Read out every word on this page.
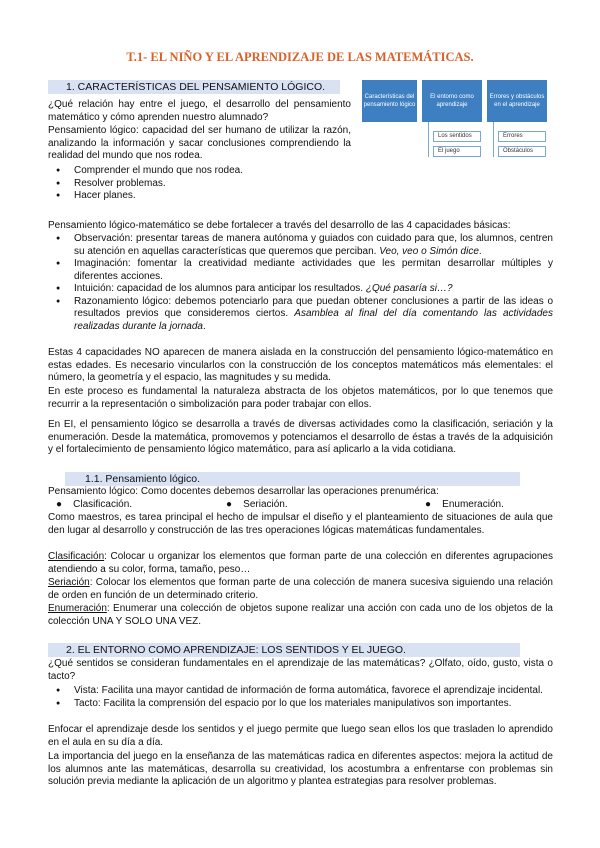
T.1- EL NIÑO Y EL APRENDIZAJE DE LAS MATEMÁTICAS.
Características del pensamiento lógico
El entorno como aprendizaje
Errores y obstáculos en el aprendizaje
Los sentidos
El juego
Errores
Obstáculos
1. CARACTERÍSTICAS DEL PENSAMIENTO LÓGICO.
¿Qué relación hay entre el juego, el desarrollo del pensamiento matemático y cómo aprenden nuestro alumnado?
Pensamiento lógico: capacidad del ser humano de utilizar la razón, analizando la información y sacar conclusiones comprendiendo la realidad del mundo que nos rodea.
● Comprender el mundo que nos rodea.
● Resolver problemas.
● Hacer planes.
Pensamiento lógico-matemático se debe fortalecer a través del desarrollo de las 4 capacidades básicas:
● Observación: presentar tareas de manera autónoma y guiados con cuidado para que, los alumnos, centren su atención en aquellas características que queremos que perciban. Veo, veo o Simón dice.
● Imaginación: fomentar la creatividad mediante actividades que les permitan desarrollar múltiples y diferentes acciones.
● Intuición: capacidad de los alumnos para anticipar los resultados. ¿Qué pasaría si…?
● Razonamiento lógico: debemos potenciarlo para que puedan obtener conclusiones a partir de las ideas o resultados previos que consideremos ciertos. Asamblea al final del día comentando las actividades realizadas durante la jornada.
Estas 4 capacidades NO aparecen de manera aislada en la construcción del pensamiento lógico-matemático en estas edades. Es necesario vincularlos con la construcción de los conceptos matemáticos más elementales: el número, la geometría y el espacio, las magnitudes y su medida.
En este proceso es fundamental la naturaleza abstracta de los objetos matemáticos, por lo que tenemos que recurrir a la representación o simbolización para poder trabajar con ellos.
En EI, el pensamiento lógico se desarrolla a través de diversas actividades como la clasificación, seriación y la enumeración. Desde la matemática, promovemos y potenciamos el desarrollo de éstas a través de la adquisición y el fortalecimiento de pensamiento lógico matemático, para así aplicarlo a la vida cotidiana.
1.1. Pensamiento lógico.
Pensamiento lógico: Como docentes debemos desarrollar las operaciones prenumérica:
●    Clasificación.	●    Seriación.	●    Enumeración.
Como maestros, es tarea principal el hecho de impulsar el diseño y el planteamiento de situaciones de aula que den lugar al desarrollo y construcción de las tres operaciones lógicas matemáticas fundamentales.
Clasificación: Colocar u organizar los elementos que forman parte de una colección en diferentes agrupaciones atendiendo a su color, forma, tamaño, peso…
Seriación: Colocar los elementos que forman parte de una colección de manera sucesiva siguiendo una relación de orden en función de un determinado criterio.
Enumeración: Enumerar una colección de objetos supone realizar una acción con cada uno de los objetos de la colección UNA Y SOLO UNA VEZ.
2. EL ENTORNO COMO APRENDIZAJE: LOS SENTIDOS Y EL JUEGO.
¿Qué sentidos se consideran fundamentales en el aprendizaje de las matemáticas? ¿Olfato, oído, gusto, vista o tacto?
● Vista: Facilita una mayor cantidad de información de forma automática, favorece el aprendizaje incidental.
● Tacto: Facilita la comprensión del espacio por lo que los materiales manipulativos son importantes.
Enfocar el aprendizaje desde los sentidos y el juego permite que luego sean ellos los que trasladen lo aprendido en el aula en su día a día.
La importancia del juego en la enseñanza de las matemáticas radica en diferentes aspectos: mejora la actitud de los alumnos ante las matemáticas, desarrolla su creatividad, los acostumbra a enfrentarse con problemas sin solución previa mediante la aplicación de un algoritmo y plantea estrategias para resolver problemas.
